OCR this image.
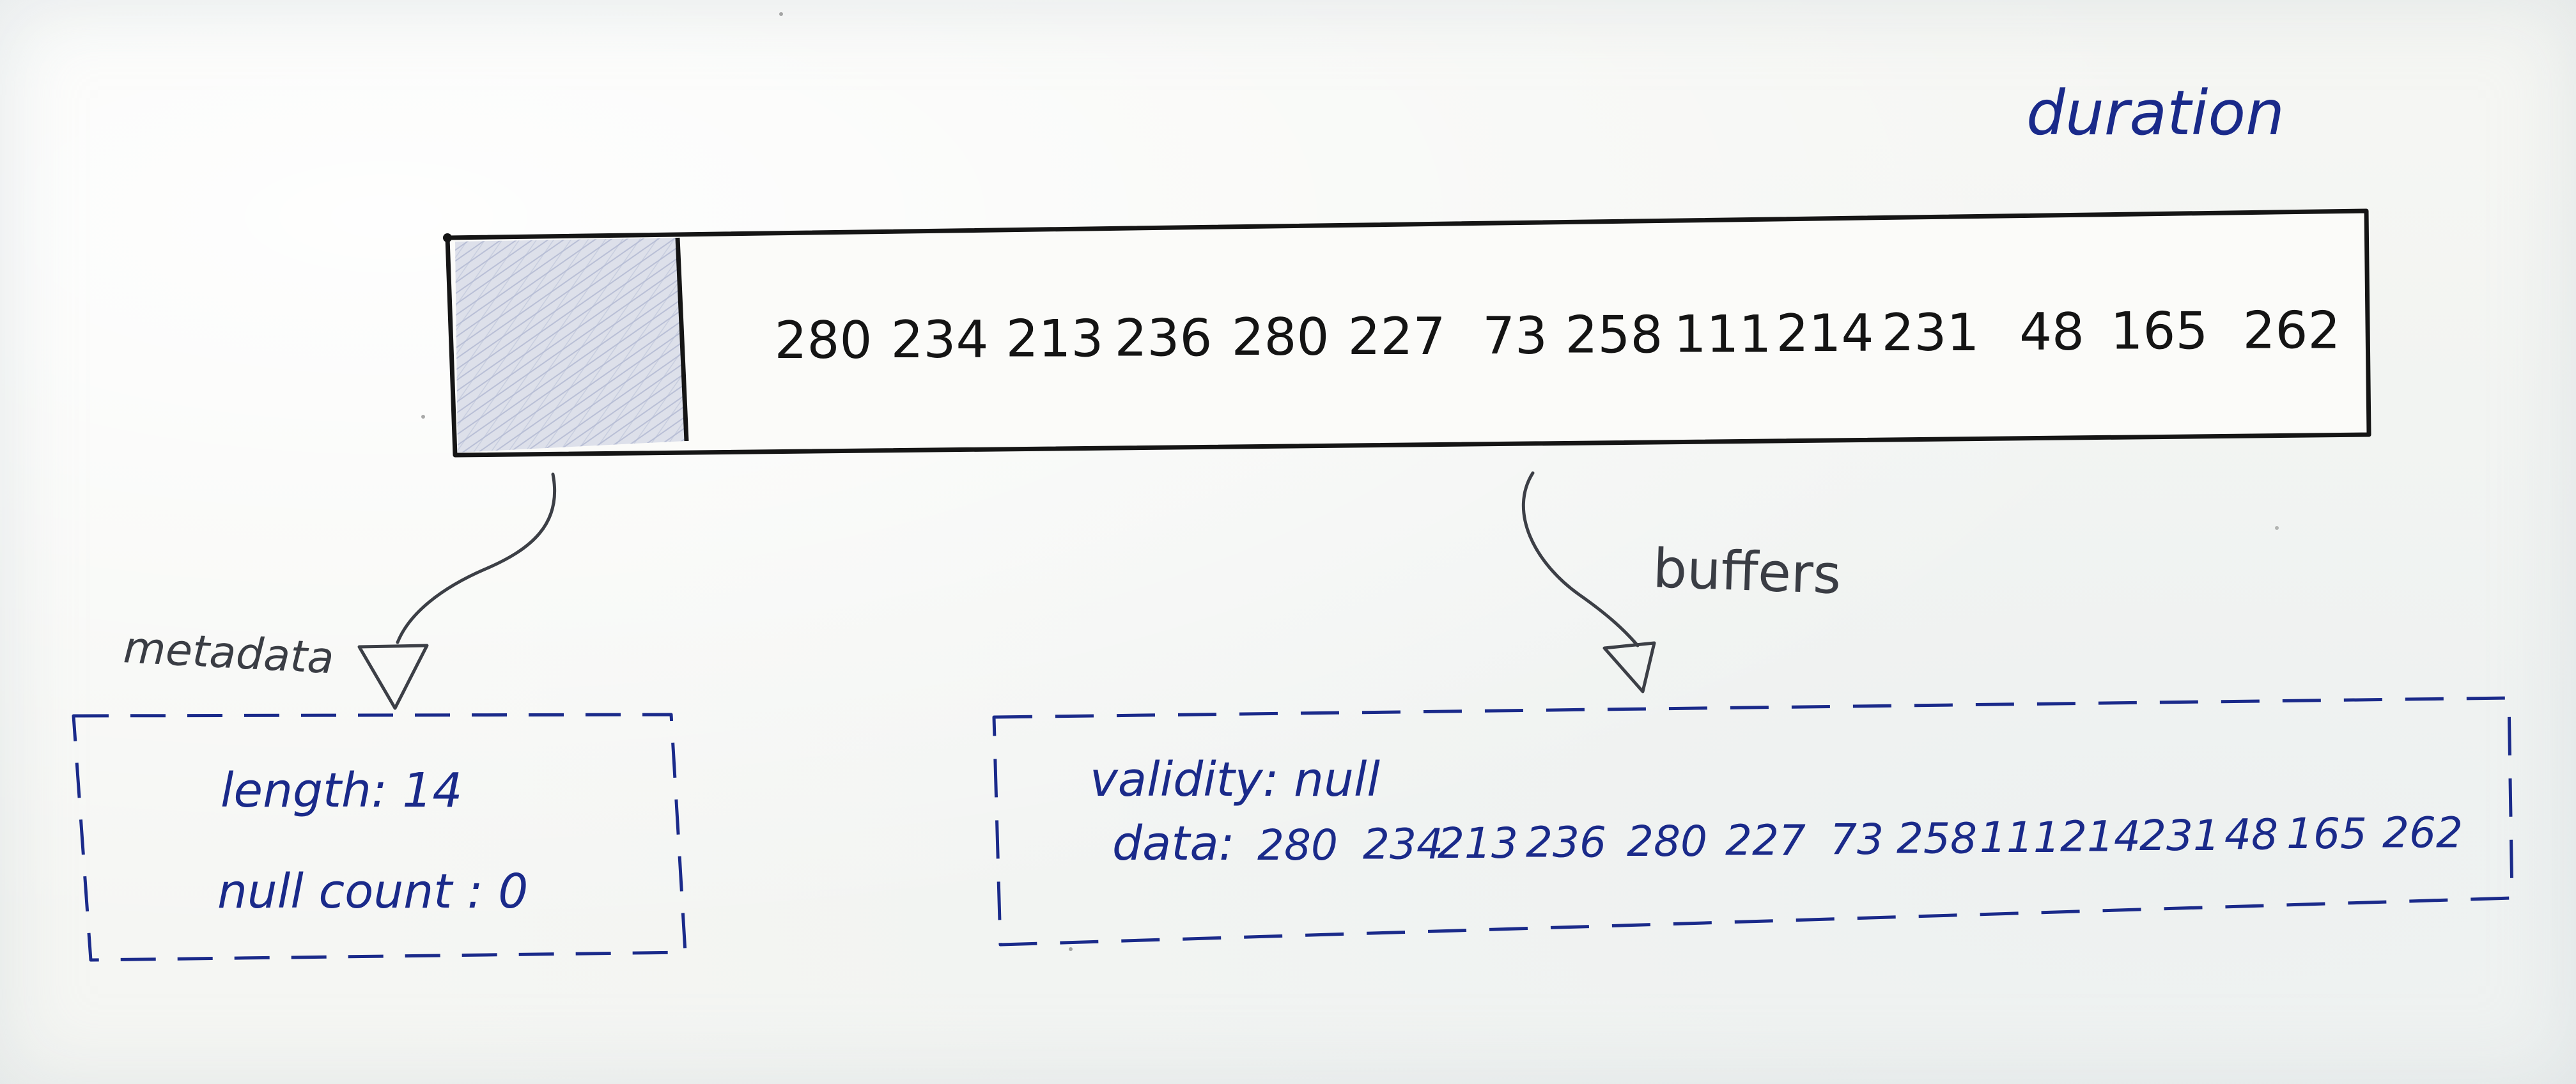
duration
280 234 213 236 280 227 73 258 111 214 231 48 165 262
metadata
buffers
length: 14
null count : 0
validity: null
data: 280 234
213 236 280 227 73 258 111 214
231 48 165 262
